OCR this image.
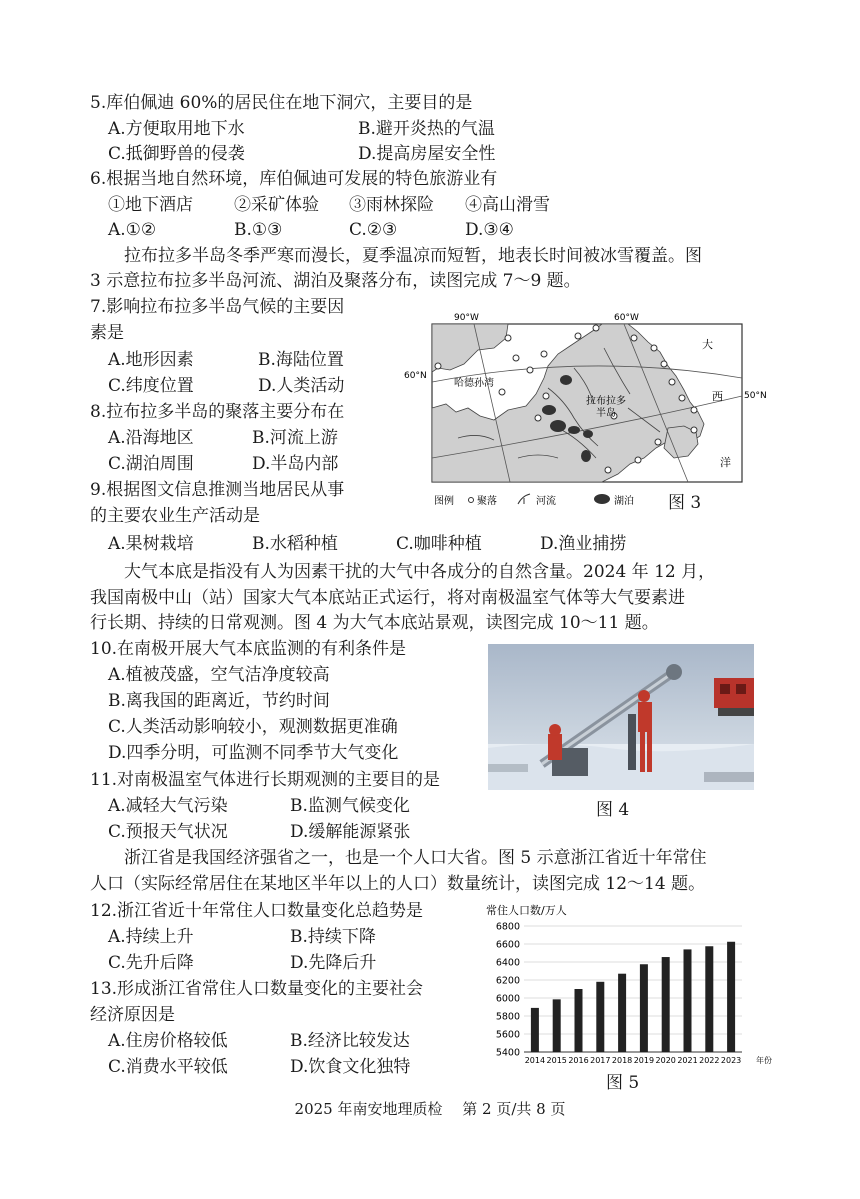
5.库伯佩迪 60%的居民住在地下洞穴，主要目的是
A.方便取用地下水	B.避开炎热的气温
C.抵御野兽的侵袭	D.提高房屋安全性
6.根据当地自然环境，库伯佩迪可发展的特色旅游业有
①地下酒店 ②采矿体验 ③雨林探险 ④高山滑雪
A.①②	B.①③	C.②③	D.③④
拉布拉多半岛冬季严寒而漫长，夏季温凉而短暂，地表长时间被冰雪覆盖。图
3 示意拉布拉多半岛河流、湖泊及聚落分布，读图完成 7～9 题。
7.影响拉布拉多半岛气候的主要因
素是
A.地形因素	B.海陆位置
C.纬度位置	D.人类活动
8.拉布拉多半岛的聚落主要分布在
A.沿海地区	B.河流上游
C.湖泊周围	D.半岛内部
9.根据图文信息推测当地居民从事
的主要农业生产活动是
A.果树栽培	B.水稻种植	C.咖啡种植	D.渔业捕捞
90°W	60°W
60°N
50°N
哈德孙湾
拉布拉多
半岛
大
西
洋
图例 聚落	河流	湖泊 图 3
大气本底是指没有人为因素干扰的大气中各成分的自然含量。2024 年 12 月，
我国南极中山（站）国家大气本底站正式运行，将对南极温室气体等大气要素进
行长期、持续的日常观测。图 4 为大气本底站景观，读图完成 10～11 题。
10.在南极开展大气本底监测的有利条件是
A.植被茂盛，空气洁净度较高
B.离我国的距离近，节约时间
C.人类活动影响较小，观测数据更准确
D.四季分明，可监测不同季节大气变化
图 4
11.对南极温室气体进行长期观测的主要目的是
A.减轻大气污染	B.监测气候变化
C.预报天气状况	D.缓解能源紧张
浙江省是我国经济强省之一，也是一个人口大省。图 5 示意浙江省近十年常住
人口（实际经常居住在某地区半年以上的人口）数量统计，读图完成 12～14 题。
12.浙江省近十年常住人口数量变化总趋势是
A.持续上升	B.持续下降
C.先升后降	D.先降后升
13.形成浙江省常住人口数量变化的主要社会
经济原因是
A.住房价格较低	B.经济比较发达
C.消费水平较低	D.饮食文化独特
常住人口数/万人
5400
5600
5800
6000
6200
6400
6600
6800
2014 2015 2016 2017 2018 2019 2020 2021 2022 2023 年份
图 5
2025 年南安地理质检　 第 2 页/共 8 页
